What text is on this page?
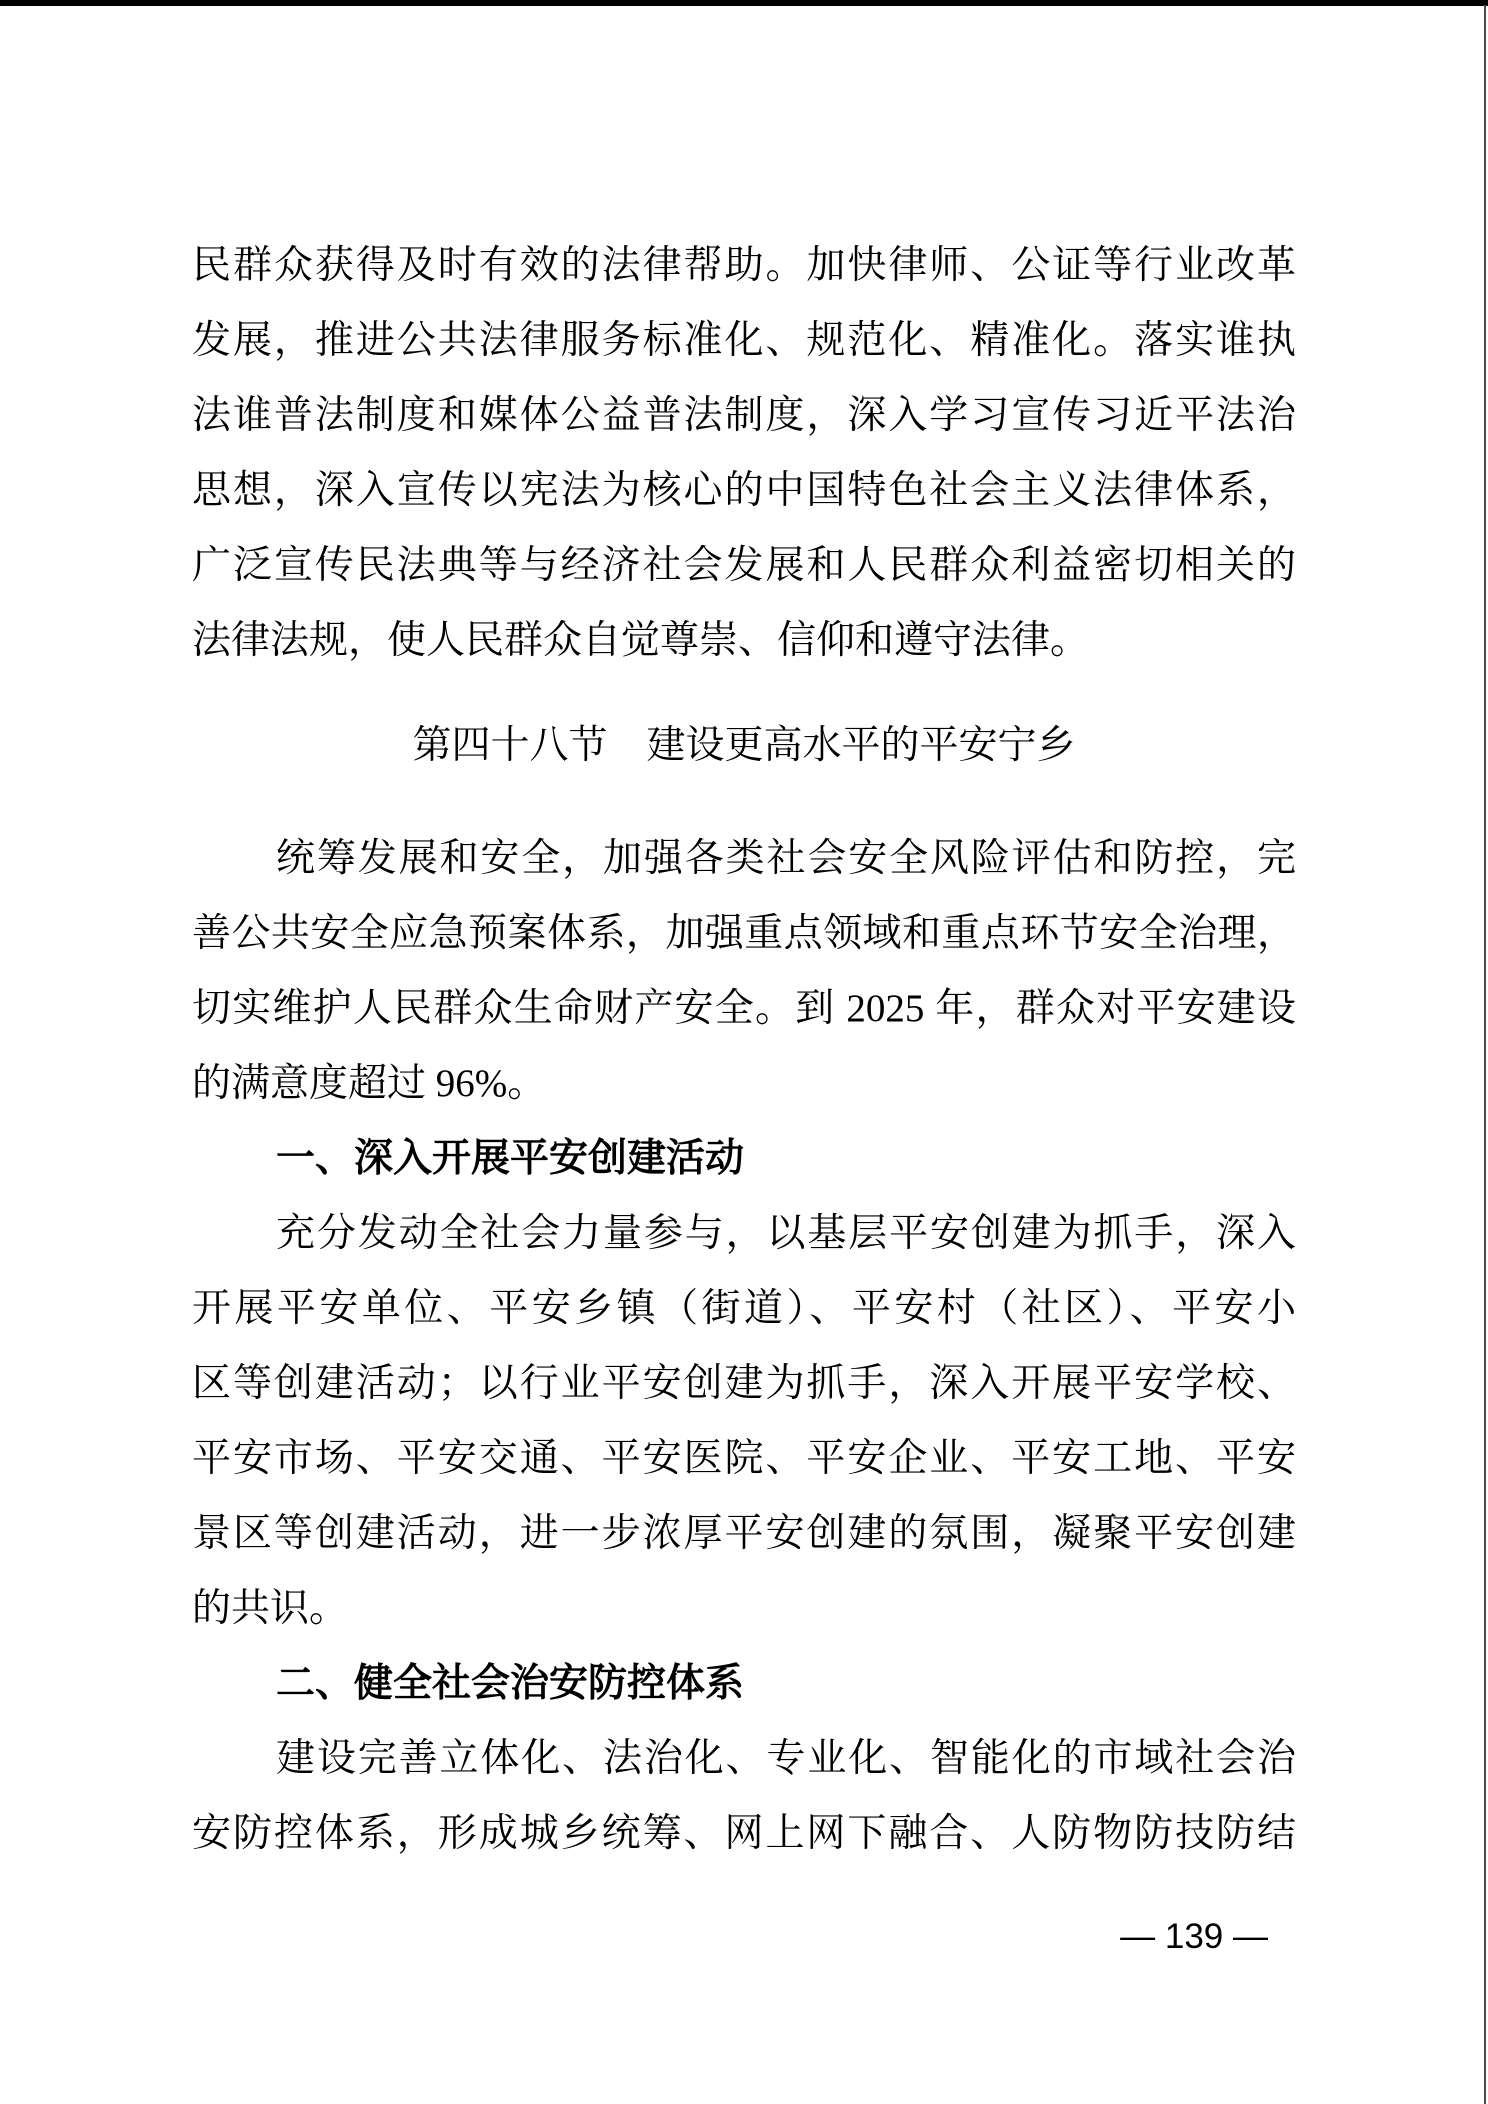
民群众获得及时有效的法律帮助。加快律师、公证等行业改革
发展，推进公共法律服务标准化、规范化、精准化。落实谁执
法谁普法制度和媒体公益普法制度，深入学习宣传习近平法治
思想，深入宣传以宪法为核心的中国特色社会主义法律体系，
广泛宣传民法典等与经济社会发展和人民群众利益密切相关的
法律法规，使人民群众自觉尊崇、信仰和遵守法律。
第四十八节　建设更高水平的平安宁乡
统筹发展和安全，加强各类社会安全风险评估和防控，完
善公共安全应急预案体系，加强重点领域和重点环节安全治理，
切实维护人民群众生命财产安全。到 2025 年，群众对平安建设
的满意度超过 96%。
一、深入开展平安创建活动
充分发动全社会力量参与，以基层平安创建为抓手，深入
开展平安单位、平安乡镇（街道）、平安村（社区）、平安小
区等创建活动；以行业平安创建为抓手，深入开展平安学校、
平安市场、平安交通、平安医院、平安企业、平安工地、平安
景区等创建活动，进一步浓厚平安创建的氛围，凝聚平安创建
的共识。
二、健全社会治安防控体系
建设完善立体化、法治化、专业化、智能化的市域社会治
安防控体系，形成城乡统筹、网上网下融合、人防物防技防结
— 139 —
